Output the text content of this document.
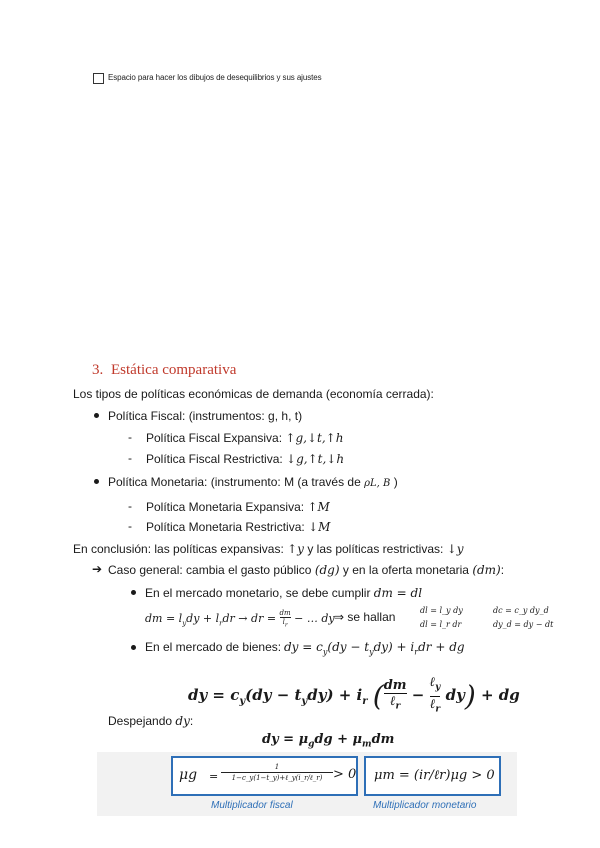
Espacio para hacer los dibujos de desequilibrios y sus ajustes
3. Estática comparativa
Los tipos de políticas económicas de demanda (economía cerrada):
Política Fiscal: (instrumentos: g, h, t)
- Política Fiscal Expansiva: ↑g,↓t,↑h
- Política Fiscal Restrictiva: ↓g,↑t,↓h
Política Monetaria: (instrumento: M (a través de ρL, B )
- Política Monetaria Expansiva: ↑M
- Política Monetaria Restrictiva: ↓M
En conclusión: las políticas expansivas: ↑y y las políticas restrictivas: ↓y
➔ Caso general: cambia el gasto público (dg) y en la oferta monetaria (dm):
En el mercado monetario, se debe cumplir dm = dl
dm = $l_ydy + l_rdr$ → dr = $\frac{dm}{l_r}$ − … dy ⇒ se hallan	dl = l_y dy
dl = l_r dr
dc = c_y dy_d
dy_d = dy − dt
En el mercado de bienes: dy = $c_y(dy - t_ydy) + i_rdr$ + dg
dy = $c_y(dy - t_ydy) + i_r$ ( dm
ℓ$_r$
−
ℓ$_y$
ℓ$_r$
dy) + dg
Despejando dy:
dy = $\mu_gdg + \mu_mdm$
μg =
1
1−c_y(1−t_y)+ℓ_y(i_r/ℓ_r) > 0 μm = (ir/ℓr)μg > 0
Multiplicador fiscal	Multiplicador monetario
